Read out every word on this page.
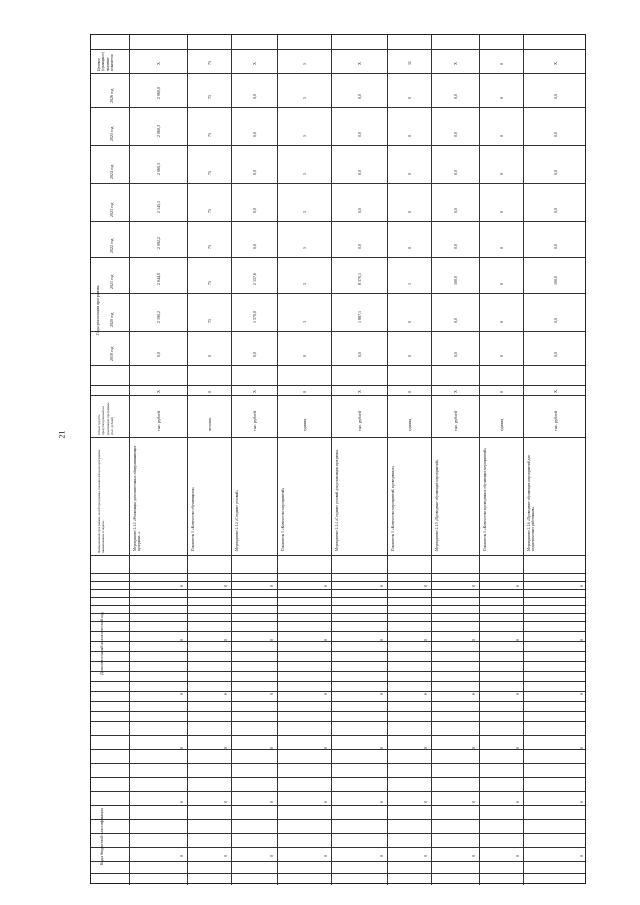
21
2019 год
2020 год
2021 год
2022 год
2023 год
2024 год
2025 год
2026 год
Годы реализации программы
Целевое (суммарное) значение показателя
Объем средств, предусмотренный на реализацию программы (тыс. рублей)
Наименование программы, целей программы, показателей цели программы, наименование и задачи...
Дополнительный аналитический код
Коды бюджетной классификации
Мероприятие 2.1.1 «Реализация дополнительных общеразвивающих программ...»
тыс. рублей
X
0,0
2 190,2
2 044,0
2 092,2
2 145,1
2 060,3
2 060,3
2 060,0
X
0
0
0
0
0
0
Показатель 1 «Количество обучающихся»
человек
0
0
75
75
75
75
75
75
75
75
0
0
0
0
0
0
Мероприятие 2.1.2 «Создание условий»
тыс. рублей
X
0,0
1 570,0
2 157,6
0,0
0,0
0,0
0,0
0,0
X
0
0
0
0
0
0
Показатель 1 «Количество мероприятий»
единиц
0
0
3
5
5
5
5
5
5
5
0
0
0
0
0
0
Мероприятие 2.1.4 «Создание условий для реализации программ»
тыс. рублей
X
0,0
1 887,1
8 370,1
0,0
0,0
0,0
0,0
0,0
X
0
0
0
0
0
0
Показатель 1 «Количество мероприятий, проведенных»
единиц
0
0
0
1
0
0
0
0
0
11
0
0
0
0
0
0
Мероприятие 2.1.5 «Проведение обучающих мероприятий»
тыс. рублей
X
0,0
0,0
100,0
0,0
0,0
0,0
0,0
0,0
X
0
0
0
0
0
0
Показатель 1 «Количество проведенных обучающих мероприятий»
единиц
0
0
0
0
0
0
0
0
0
0
0
0
0
0
0
0
Мероприятие 2.1.6 «Проведение обучающих мероприятий для педагогических работников»
тыс. рублей
X
0,0
0,0
100,0
0,0
0,0
0,0
0,0
0,0
X
0
0
0
0
0
0
